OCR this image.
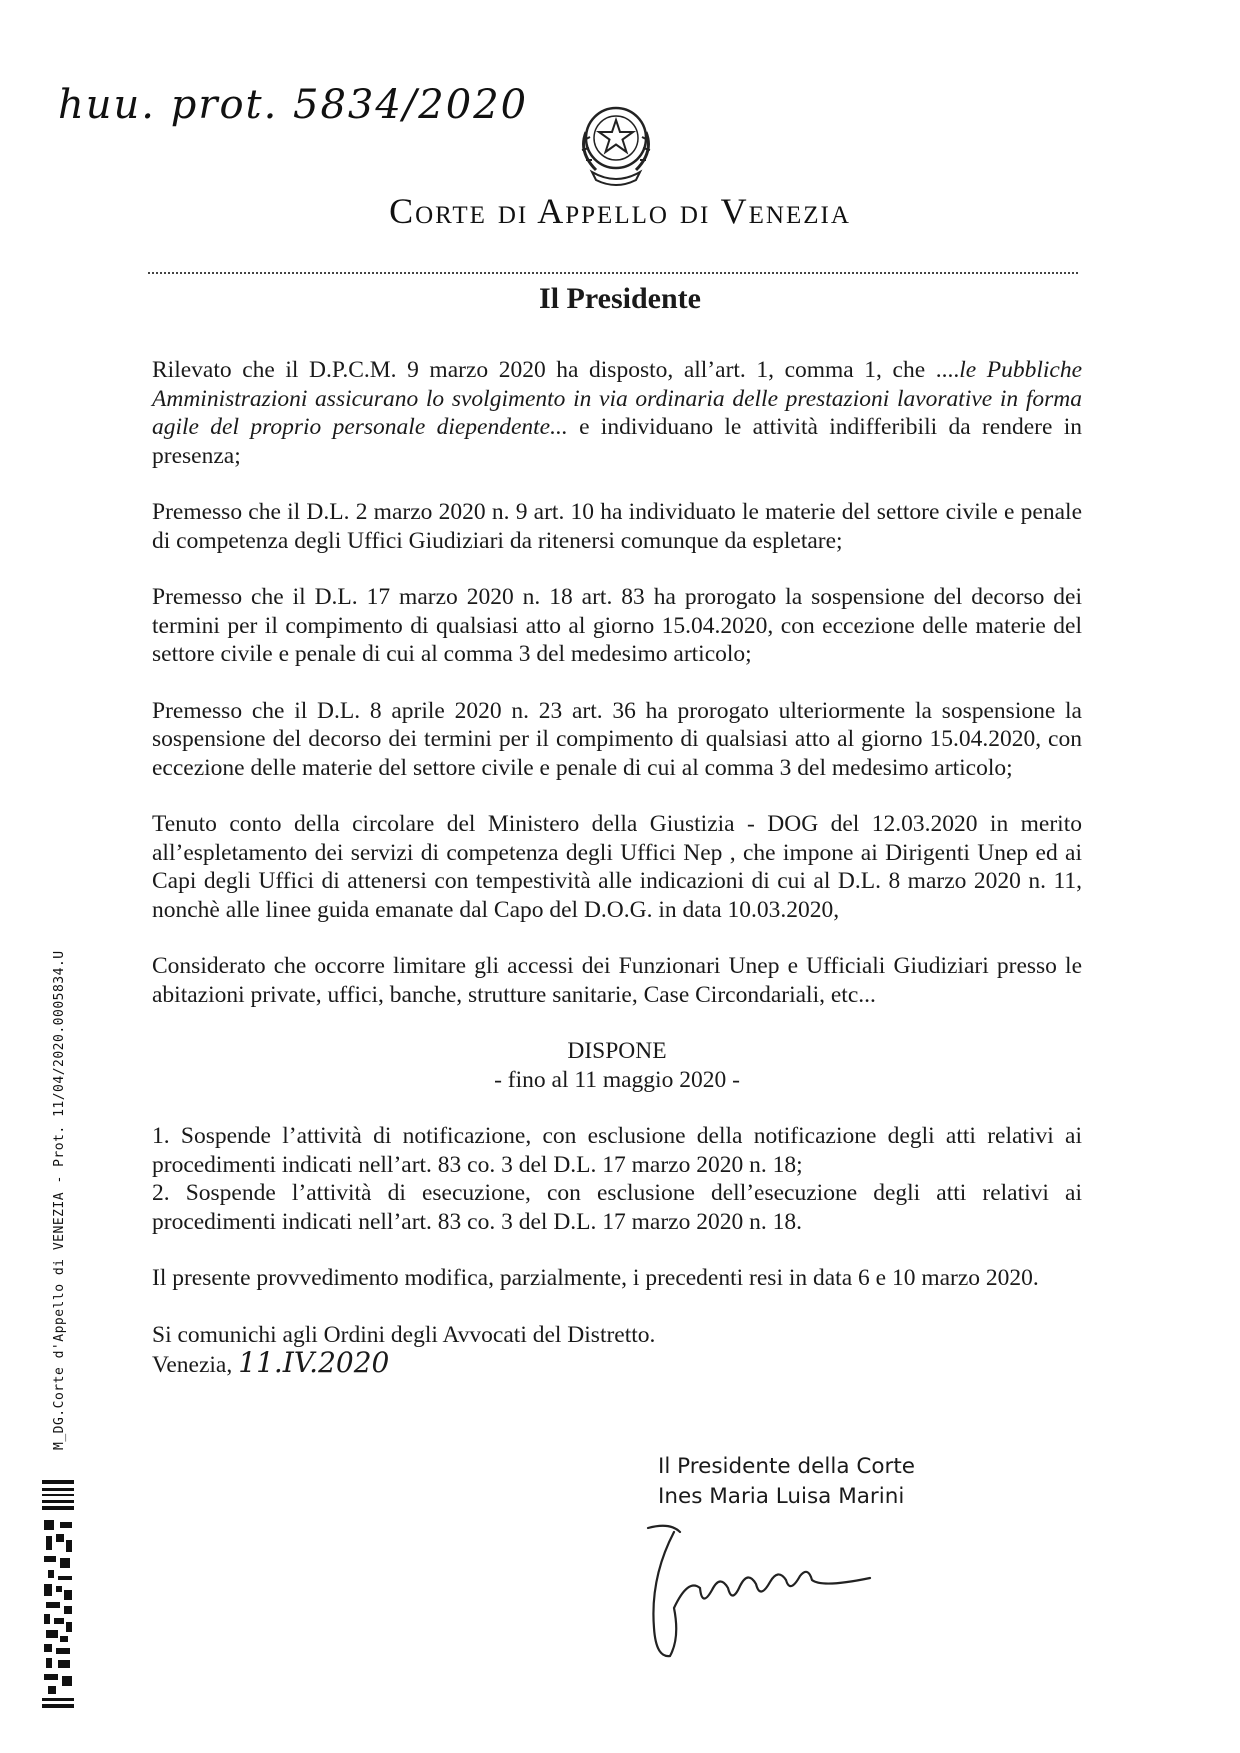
huu. prot. 5834/2020
Corte di Appello di Venezia
Il Presidente

Rilevato che il D.P.C.M. 9 marzo 2020 ha disposto, all’art. 1, comma 1, che ....le Pubbliche Amministrazioni assicurano lo svolgimento in via ordinaria delle prestazioni lavorative in forma agile del proprio personale diependente... e individuano le attività indifferibili da rendere in presenza;

Premesso che il D.L. 2 marzo 2020 n. 9 art. 10 ha individuato le materie del settore civile e penale di competenza degli Uffici Giudiziari da ritenersi comunque da espletare;

Premesso che il D.L. 17 marzo 2020 n. 18 art. 83 ha prorogato la sospensione del decorso dei termini per il compimento di qualsiasi atto al giorno 15.04.2020, con eccezione delle materie del settore civile e penale di cui al comma 3 del medesimo articolo;

Premesso che il D.L. 8 aprile 2020 n. 23 art. 36 ha prorogato ulteriormente la sospensione la sospensione del decorso dei termini per il compimento di qualsiasi atto al giorno 15.04.2020, con eccezione delle materie del settore civile e penale di cui al comma 3 del medesimo articolo;

Tenuto conto della circolare del Ministero della Giustizia - DOG del 12.03.2020 in merito all’espletamento dei servizi di competenza degli Uffici Nep , che impone ai Dirigenti Unep ed ai Capi degli Uffici di attenersi con tempestività alle indicazioni di cui al D.L. 8 marzo 2020 n. 11, nonchè alle linee guida emanate dal Capo del D.O.G. in data 10.03.2020,

Considerato che occorre limitare gli accessi dei Funzionari Unep e Ufficiali Giudiziari presso le abitazioni private, uffici, banche, strutture sanitarie, Case Circondariali, etc...

DISPONE

- fino al 11 maggio 2020 -

1. Sospende l’attività di notificazione, con esclusione della notificazione degli atti relativi ai procedimenti indicati nell’art. 83 co. 3 del D.L. 17 marzo 2020 n. 18;

2. Sospende l’attività di esecuzione, con esclusione dell’esecuzione degli atti relativi ai procedimenti indicati nell’art. 83 co. 3 del D.L. 17 marzo 2020 n. 18.

Il presente provvedimento modifica, parzialmente, i precedenti resi in data 6 e 10 marzo 2020.

Si comunichi agli Ordini degli Avvocati del Distretto.

Venezia, 11.IV.2020

Il Presidente della Corte
Ines Maria Luisa Marini
M_DG.Corte d'Appello di VENEZIA - Prot. 11/04/2020.0005834.U
